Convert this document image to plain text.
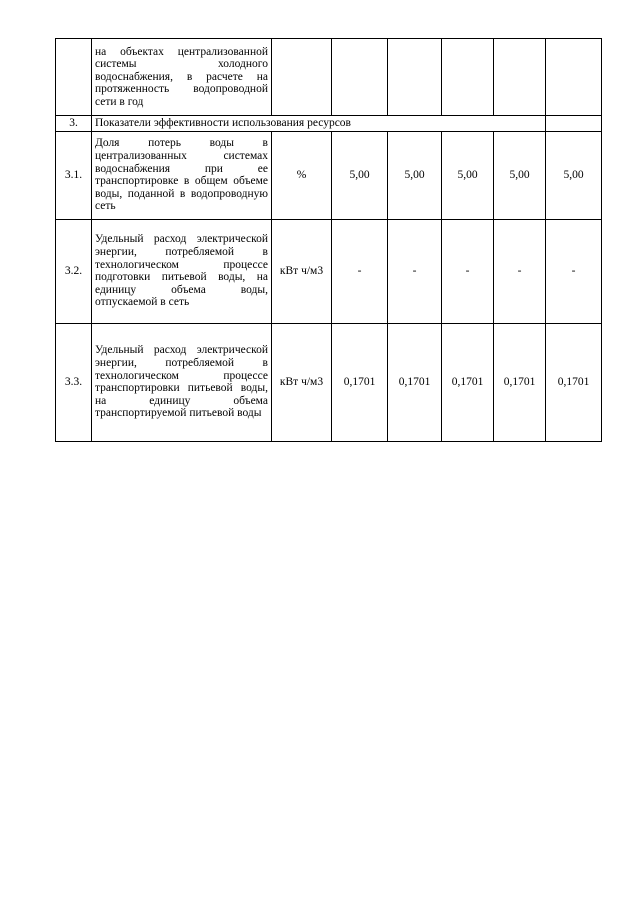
	на объектах централизованной системы холодного водоснабжения, в расчете на протяженность водопроводной сети в год						
3.	Показатели эффективности использования ресурсов						
3.1.	Доля потерь воды в централизованных системах водоснабжения при ее транспортировке в общем объеме воды, поданной в водопроводную сеть	%	5,00	5,00	5,00	5,00	5,00
3.2.	Удельный расход электрической энергии, потребляемой в технологическом процессе подготовки питьевой воды, на единицу объема воды, отпускаемой в сеть	кВт ч/м3	-	-	-	-	-
3.3.	Удельный расход электрической энергии, потребляемой в технологическом процессе транспортировки питьевой воды, на единицу объема транспортируемой питьевой воды	кВт ч/м3	0,1701	0,1701	0,1701	0,1701	0,1701
